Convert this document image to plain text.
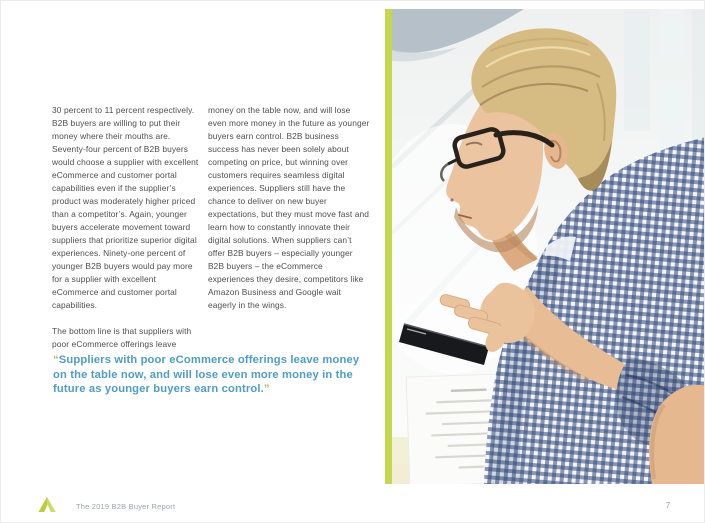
30 percent to 11 percent respectively. B2B buyers are willing to put their money where their mouths are. Seventy-four percent of B2B buyers would choose a supplier with excellent eCommerce and customer portal capabilities even if the supplier’s product was moderately higher priced than a competitor’s. Again, younger buyers accelerate movement toward suppliers that prioritize superior digital experiences. Ninety-one percent of younger B2B buyers would pay more for a supplier with excellent eCommerce and customer portal capabilities.

The bottom line is that suppliers with poor eCommerce offerings leave

money on the table now, and will lose even more money in the future as younger buyers earn control. B2B business success has never been solely about competing on price, but winning over customers requires seamless digital experiences. Suppliers still have the chance to deliver on new buyer expectations, but they must move fast and learn how to constantly innovate their digital solutions. When suppliers can’t offer B2B buyers – especially younger B2B buyers – the eCommerce experiences they desire, competitors like Amazon Business and Google wait eagerly in the wings.

“Suppliers with poor eCommerce offerings leave money on the table now, and will lose even more money in the future as younger buyers earn control.”
The 2019 B2B Buyer Report	7
